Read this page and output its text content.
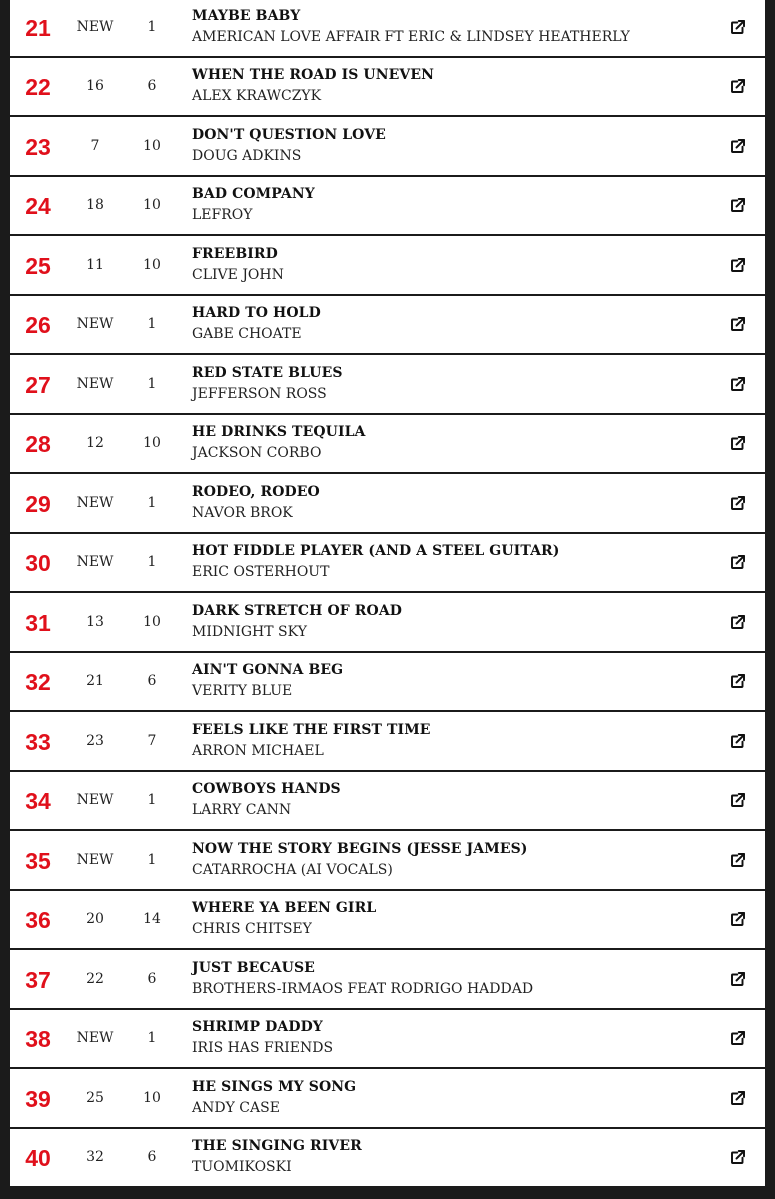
21	NEW	1
MAYBE BABY
AMERICAN LOVE AFFAIR FT ERIC & LINDSEY HEATHERLY
22	16	6
WHEN THE ROAD IS UNEVEN
ALEX KRAWCZYK
23	7	10
DON'T QUESTION LOVE
DOUG ADKINS
24	18	10
BAD COMPANY
LEFROY
25	11	10
FREEBIRD
CLIVE JOHN
26	NEW	1
HARD TO HOLD
GABE CHOATE
27	NEW	1
RED STATE BLUES
JEFFERSON ROSS
28	12	10
HE DRINKS TEQUILA
JACKSON CORBO
29	NEW	1
RODEO, RODEO
NAVOR BROK
30	NEW	1
HOT FIDDLE PLAYER (AND A STEEL GUITAR)
ERIC OSTERHOUT
31	13	10
DARK STRETCH OF ROAD
MIDNIGHT SKY
32	21	6
AIN'T GONNA BEG
VERITY BLUE
33	23	7
FEELS LIKE THE FIRST TIME
ARRON MICHAEL
34	NEW	1
COWBOYS HANDS
LARRY CANN
35	NEW	1
NOW THE STORY BEGINS (JESSE JAMES)
CATARROCHA (AI VOCALS)
36	20	14
WHERE YA BEEN GIRL
CHRIS CHITSEY
37	22	6
JUST BECAUSE
BROTHERS-IRMAOS FEAT RODRIGO HADDAD
38	NEW	1
SHRIMP DADDY
IRIS HAS FRIENDS
39	25	10
HE SINGS MY SONG
ANDY CASE
40	32	6
THE SINGING RIVER
TUOMIKOSKI
